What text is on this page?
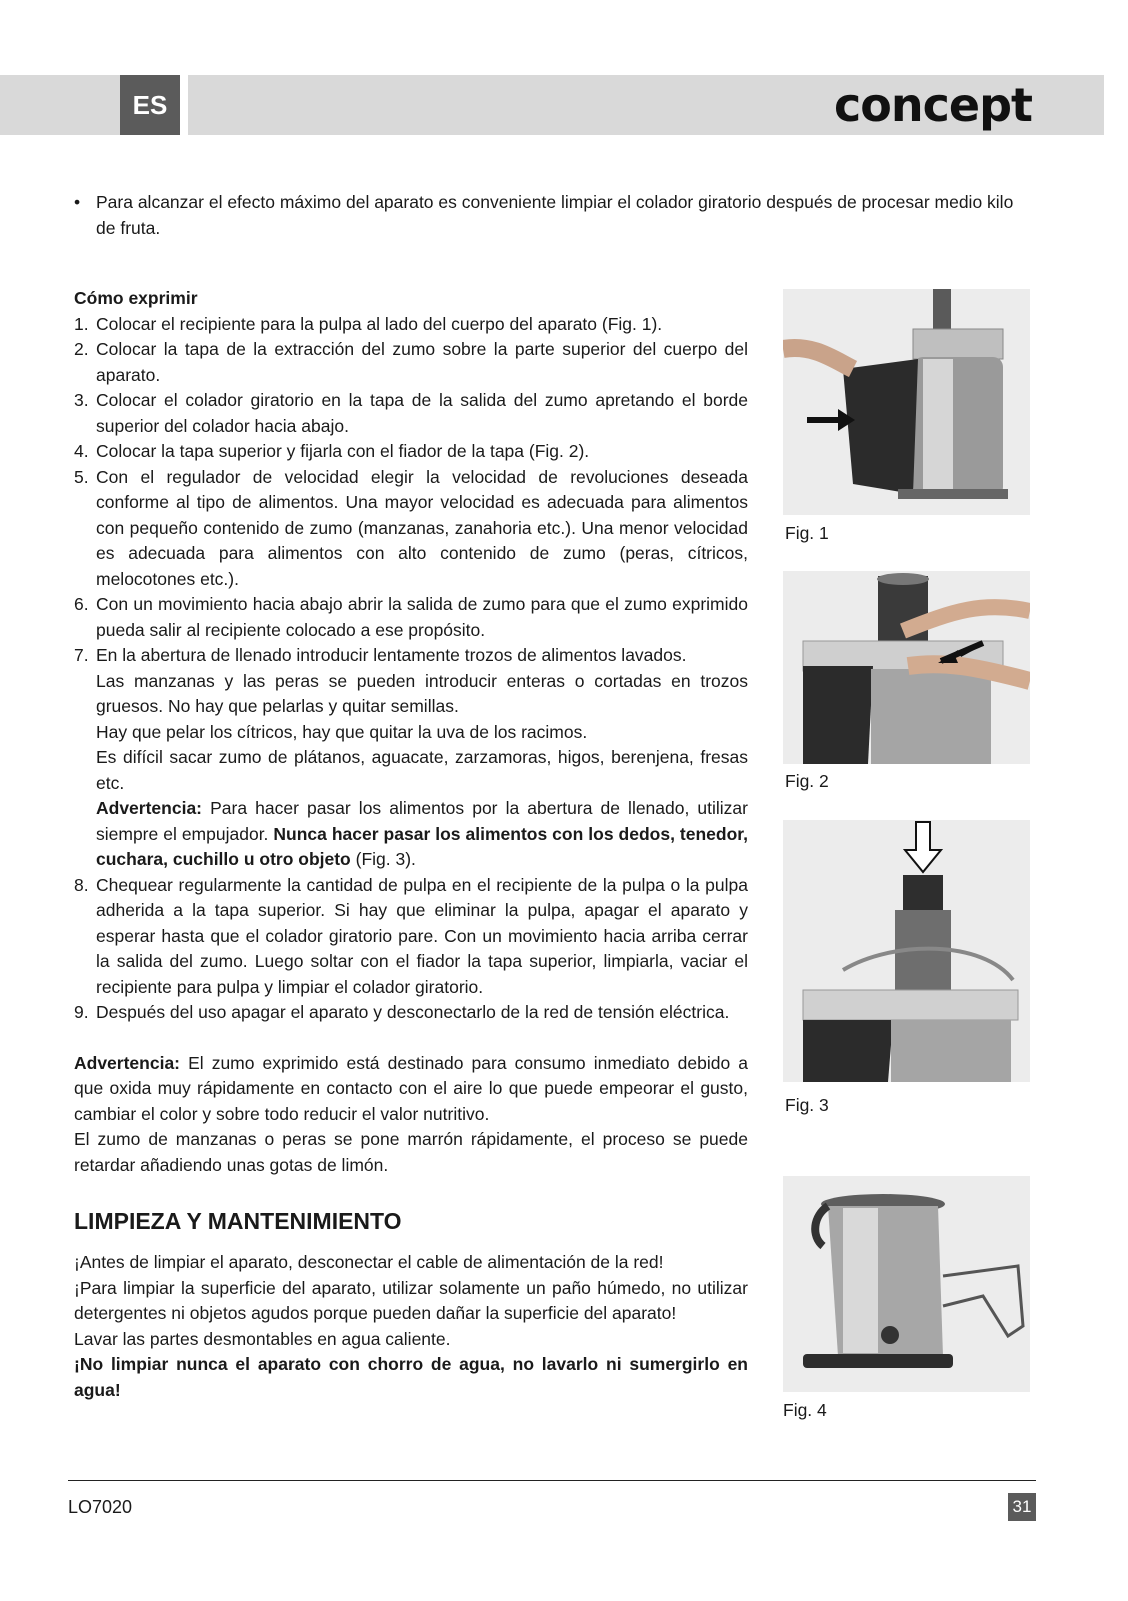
ES	concept
• Para alcanzar el efecto máximo del aparato es conveniente limpiar el colador giratorio después de procesar medio kilo de fruta.

Cómo exprimir

1. Colocar el recipiente para la pulpa al lado del cuerpo del aparato (Fig. 1).
2. Colocar la tapa de la extracción del zumo sobre la parte superior del cuerpo del aparato.
3. Colocar el colador giratorio en la tapa de la salida del zumo apretando el borde superior del colador hacia abajo.
4. Colocar la tapa superior y fijarla con el fiador de la tapa (Fig. 2).
5. Con el regulador de velocidad elegir la velocidad de revoluciones deseada conforme al tipo de alimentos. Una mayor velocidad es adecuada para alimentos con pequeño contenido de zumo (manzanas, zanahoria etc.). Una menor velocidad es adecuada para alimentos con alto contenido de zumo (peras, cítricos, melocotones etc.).
6. Con un movimiento hacia abajo abrir la salida de zumo para que el zumo exprimido pueda salir al recipiente colocado a ese propósito.
7. En la abertura de llenado introducir lentamente trozos de alimentos lavados.
Las manzanas y las peras se pueden introducir enteras o cortadas en trozos gruesos. No hay que pelarlas y quitar semillas.
Hay que pelar los cítricos, hay que quitar la uva de los racimos.
Es difícil sacar zumo de plátanos, aguacate, zarzamoras, higos, berenjena, fresas etc.
Advertencia: Para hacer pasar los alimentos por la abertura de llenado, utilizar siempre el empujador. Nunca hacer pasar los alimentos con los dedos, tenedor, cuchara, cuchillo u otro objeto (Fig. 3).
8. Chequear regularmente la cantidad de pulpa en el recipiente de la pulpa o la pulpa adherida a la tapa superior. Si hay que eliminar la pulpa, apagar el aparato y esperar hasta que el colador giratorio pare. Con un movimiento hacia arriba cerrar la salida del zumo. Luego soltar con el fiador la tapa superior, limpiarla, vaciar el recipiente para pulpa y limpiar el colador giratorio.
9. Después del uso apagar el aparato y desconectarlo de la red de tensión eléctrica.
Advertencia: El zumo exprimido está destinado para consumo inmediato debido a que oxida muy rápidamente en contacto con el aire lo que puede empeorar el gusto, cambiar el color y sobre todo reducir el valor nutritivo.
El zumo de manzanas o peras se pone marrón rápidamente, el proceso se puede retardar añadiendo unas gotas de limón.
LIMPIEZA Y MANTENIMIENTO

¡Antes de limpiar el aparato, desconectar el cable de alimentación de la red!

¡Para limpiar la superficie del aparato, utilizar solamente un paño húmedo, no utilizar detergentes ni objetos agudos porque pueden dañar la superficie del aparato!

Lavar las partes desmontables en agua caliente.

¡No limpiar nunca el aparato con chorro de agua, no lavarlo ni sumergirlo en agua!

Fig. 1
Fig. 2
Fig. 3
Fig. 4
LO7020	31
